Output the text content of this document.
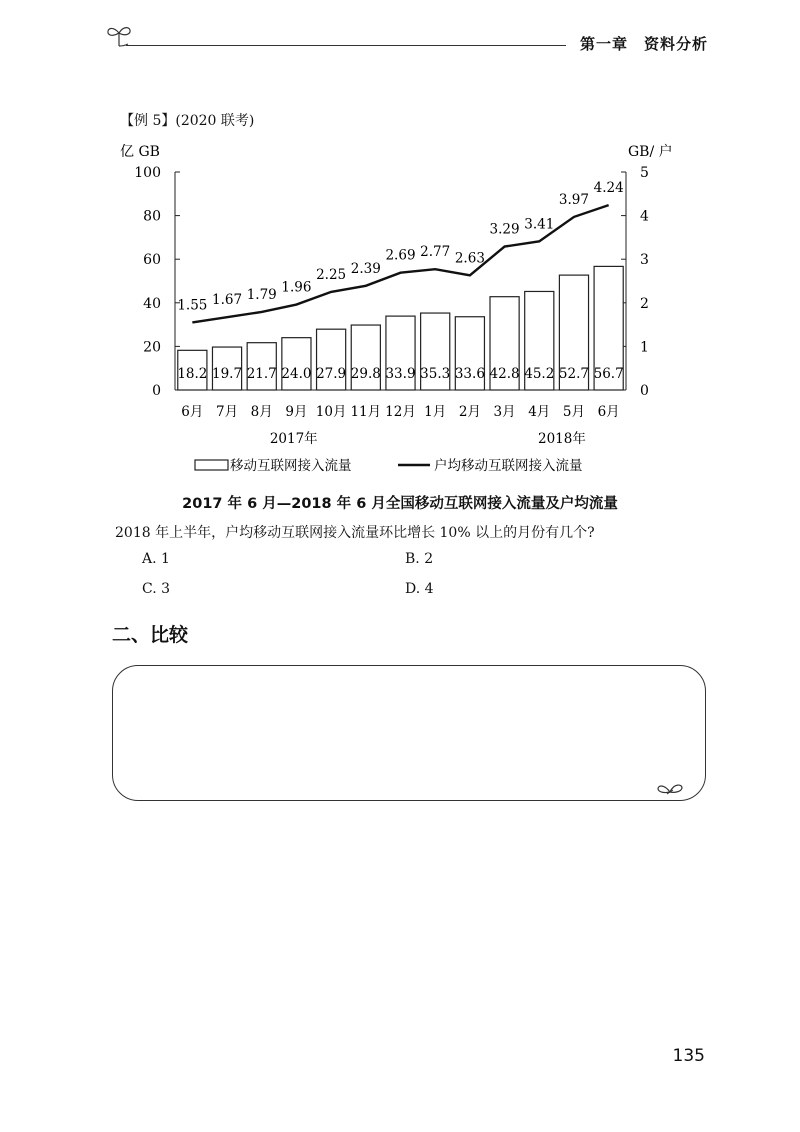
第一章 资料分析
【例 5】(2020 联考)
0
20
40
60
80
100
0
1
2
3
4
5
亿 GB	GB/ 户
18.2 19.7 21.7 24.0 27.9 29.8 33.9 35.3 33.6 42.8 45.2 52.7 56.7
1.55 1.67 1.79 1.96
2.25 2.39
2.69 2.77 2.63
3.29 3.41
3.97
4.24
6月 7月 8月 9月 10月 11月 12月 1月 2月 3月 4月 5月 6月
2017年	2018年
移动互联网接入流量	户均移动互联网接入流量
2017 年 6 月—2018 年 6 月全国移动互联网接入流量及户均流量
2018 年上半年，户均移动互联网接入流量环比增长 10% 以上的月份有几个?
A. 1	B. 2
C. 3	D. 4
二、比较
135
